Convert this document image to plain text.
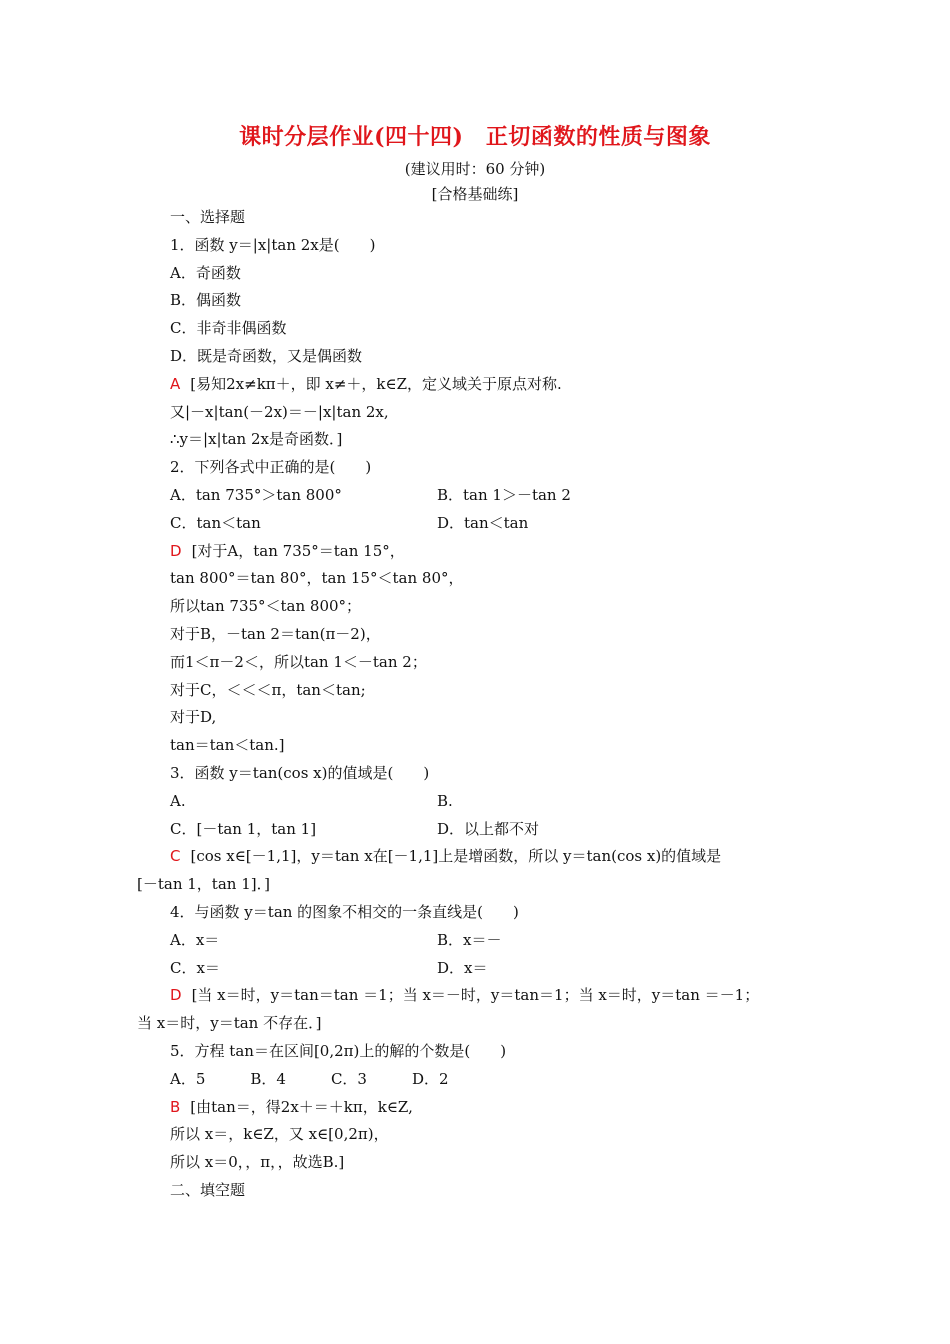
课时分层作业(四十四)　正切函数的性质与图象
(建议用时：60 分钟)
[合格基础练]
一、选择题
1．函数 y＝|x|tan 2x是(　　)
A．奇函数
B．偶函数
C．非奇非偶函数
D．既是奇函数，又是偶函数
A [易知2x≠kπ＋，即 x≠＋，k∈Z，定义域关于原点对称.
又|－x|tan(－2x)＝－|x|tan 2x,
∴y＝|x|tan 2x是奇函数．]
2．下列各式中正确的是(　　)
A．tan 735°＞tan 800°	B．tan 1＞－tan 2
C．tan＜tan	D．tan＜tan
D [对于A，tan 735°＝tan 15°，
tan 800°＝tan 80°，tan 15°＜tan 80°，
所以tan 735°＜tan 800°；
对于B，－tan 2＝tan(π－2)，
而1＜π－2＜，所以tan 1＜－tan 2；
对于C，＜＜＜π，tan＜tan;
对于D,
tan＝tan＜tan.]
3．函数 y＝tan(cos x)的值域是(　　)
A.	B.
C．[－tan 1，tan 1]	D．以上都不对
C [cos x∈[－1,1]，y＝tan x在[－1,1]上是增函数，所以 y＝tan(cos x)的值域是
[－tan 1，tan 1]．]
4．与函数 y＝tan 的图象不相交的一条直线是(　　)
A．x＝	B．x＝－
C．x＝	D．x＝
D [当 x＝时，y＝tan＝tan ＝1；当 x＝－时，y＝tan＝1；当 x＝时，y＝tan ＝－1；
当 x＝时，y＝tan 不存在．]
5．方程 tan＝在区间[0,2π)上的解的个数是(　　)
A．5　　　B．4　　　C．3　　　D．2
B [由tan＝，得2x＋＝＋kπ，k∈Z,
所以 x＝，k∈Z，又 x∈[0,2π)，
所以 x＝0，，π，，故选B.]
二、填空题
